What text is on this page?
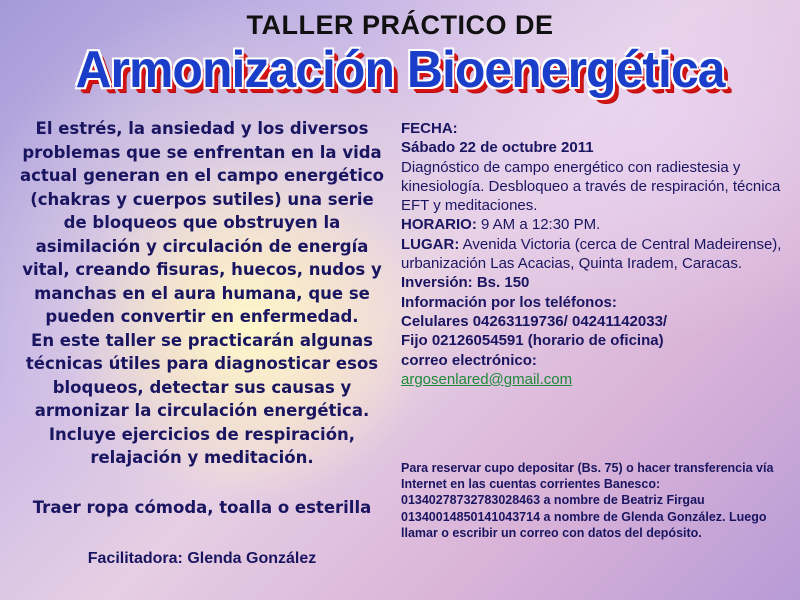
TALLER PRÁCTICO DE
Armonización Bioenergética

El estrés, la ansiedad y los diversos problemas que se enfrentan en la vida actual generan en el campo energético (chakras y cuerpos sutiles) una serie de bloqueos que obstruyen la asimilación y circulación de energía vital, creando fisuras, huecos, nudos y manchas en el aura humana, que se pueden convertir en enfermedad.

En este taller se practicarán algunas técnicas útiles para diagnosticar esos bloqueos, detectar sus causas y armonizar la circulación energética. Incluye ejercicios de respiración, relajación y meditación.

Traer ropa cómoda, toalla o esterilla

Facilitadora: Glenda González

FECHA:

Sábado 22 de octubre 2011

Diagnóstico de campo energético con radiestesia y kinesiología. Desbloqueo a través de respiración, técnica EFT y meditaciones.

HORARIO: 9 AM a 12:30 PM.

LUGAR: Avenida Victoria (cerca de Central Madeirense), urbanización Las Acacias, Quinta Iradem, Caracas.

Inversión: Bs. 150

Información por los teléfonos:

Celulares 04263119736/ 04241142033/

Fijo 02126054591 (horario de oficina)

correo electrónico:

argosenlared@gmail.com

Para reservar cupo depositar (Bs. 75) o hacer transferencia vía Internet en las cuentas corrientes Banesco:
01340278732783028463 a nombre de Beatriz Firgau
01340014850141043714 a nombre de Glenda González. Luego llamar o escribir un correo con datos del depósito.
